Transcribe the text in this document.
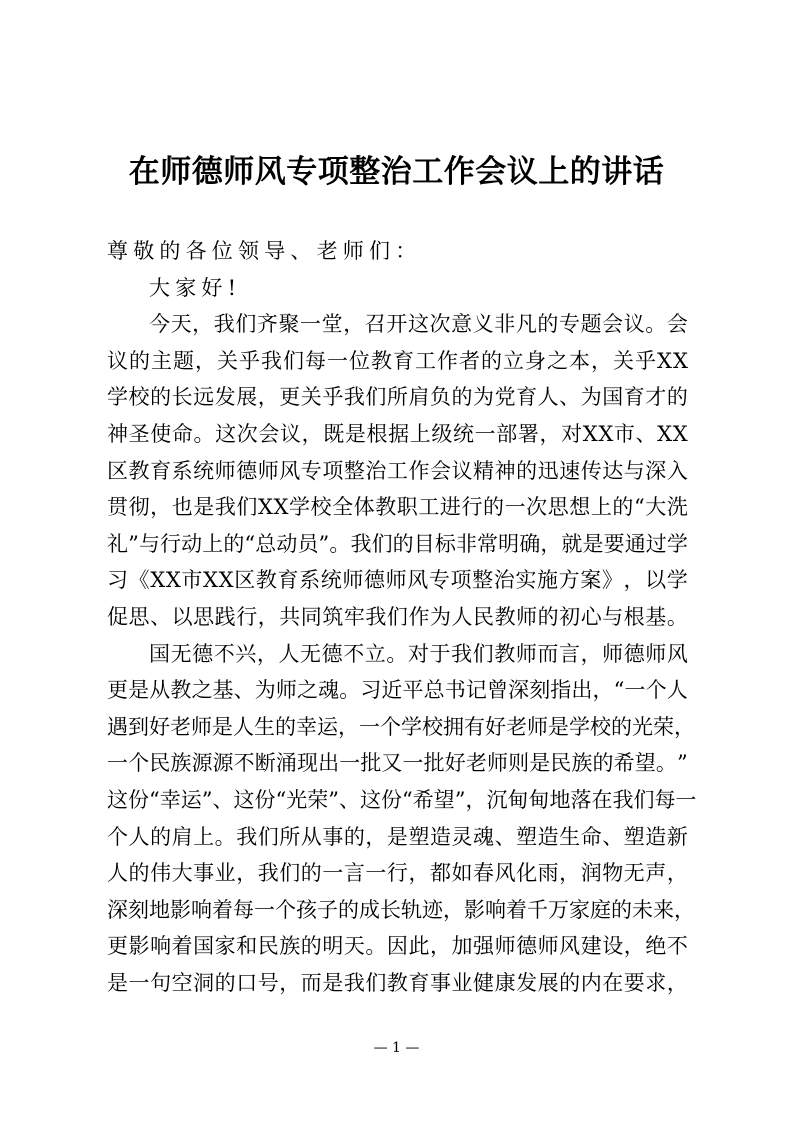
在师德师风专项整治工作会议上的讲话
尊敬的各位领导、老师们：
大家好!
今 天 ， 我 们 齐 聚 一 堂 ， 召 开 这 次 意 义 非 凡 的 专 题 会 议 。 会
议 的 主 题 ， 关 乎 我 们 每 一 位 教 育 工 作 者 的 立 身 之 本 ， 关 乎 X X
学 校 的 长 远 发 展 ， 更 关 乎 我 们 所 肩 负 的 为 党 育 人 、 为 国 育 才 的
神 圣 使 命 。 这 次 会 议 ， 既 是 根 据 上 级 统 一 部 署 ， 对 X X 市 、 X X
区 教 育 系 统 师 德 师 风 专 项 整 治 工 作 会 议 精 神 的 迅 速 传 达 与 深 入
贯 彻 ， 也 是 我 们 X X 学 校 全 体 教 职 工 进 行 的 一 次 思 想 上 的 “ 大 洗
礼 ” 与 行 动 上 的 “ 总 动 员 ” 。 我 们 的 目 标 非 常 明 确 ， 就 是 要 通 过 学
习 《 X X 市 X X 区 教 育 系 统 师 德 师 风 专 项 整 治 实 施 方 案 》 ， 以 学
促 思 、 以 思 践 行 ， 共 同 筑 牢 我 们 作 为 人 民 教 师 的 初 心 与 根 基 。
国 无 德 不 兴 ， 人 无 德 不 立 。 对 于 我 们 教 师 而 言 ， 师 德 师 风
更 是 从 教 之 基 、 为 师 之 魂 。 习 近 平 总 书 记 曾 深 刻 指 出 ， “ 一 个 人
遇 到 好 老 师 是 人 生 的 幸 运 ， 一 个 学 校 拥 有 好 老 师 是 学 校 的 光 荣 ，
一 个 民 族 源 源 不 断 涌 现 出 一 批 又 一 批 好 老 师 则 是 民 族 的 希 望 。 ”
这 份 “ 幸 运 ” 、 这 份 “ 光 荣 ” 、 这 份 “ 希 望 ” ， 沉 甸 甸 地 落 在 我 们 每 一
个 人 的 肩 上 。 我 们 所 从 事 的 ， 是 塑 造 灵 魂 、 塑 造 生 命 、 塑 造 新
人 的 伟 大 事 业 ， 我 们 的 一 言 一 行 ， 都 如 春 风 化 雨 ， 润 物 无 声 ，
深 刻 地 影 响 着 每 一 个 孩 子 的 成 长 轨 迹 ， 影 响 着 千 万 家 庭 的 未 来 ，
更 影 响 着 国 家 和 民 族 的 明 天 。 因 此 ， 加 强 师 德 师 风 建 设 ， 绝 不
是 一 句 空 洞 的 口 号 ， 而 是 我 们 教 育 事 业 健 康 发 展 的 内 在 要 求 ，
— 1 —
